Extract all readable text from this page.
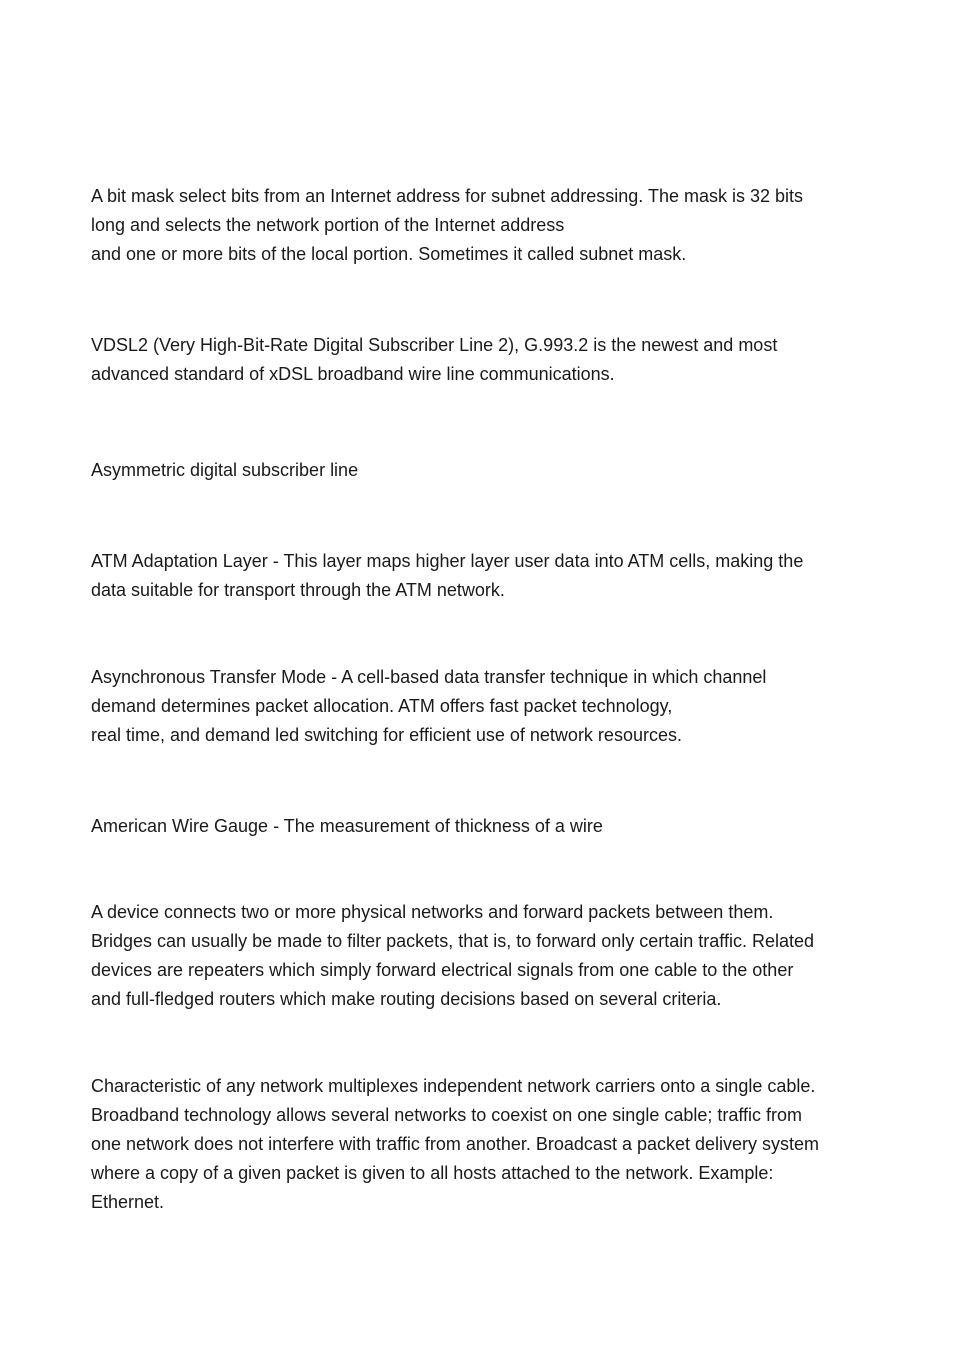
A bit mask select bits from an Internet address for subnet addressing. The mask is 32 bits
long and selects the network portion of the Internet address
and one or more bits of the local portion. Sometimes it called subnet mask.

VDSL2 (Very High-Bit-Rate Digital Subscriber Line 2), G.993.2 is the newest and most
advanced standard of xDSL broadband wire line communications.

Asymmetric digital subscriber line

ATM Adaptation Layer - This layer maps higher layer user data into ATM cells, making the
data suitable for transport through the ATM network.

Asynchronous Transfer Mode - A cell-based data transfer technique in which channel
demand determines packet allocation. ATM offers fast packet technology,
real time, and demand led switching for efficient use of network resources.

American Wire Gauge - The measurement of thickness of a wire

A device connects two or more physical networks and forward packets between them.
Bridges can usually be made to filter packets, that is, to forward only certain traffic. Related
devices are repeaters which simply forward electrical signals from one cable to the other
and full-fledged routers which make routing decisions based on several criteria.

Characteristic of any network multiplexes independent network carriers onto a single cable.
Broadband technology allows several networks to coexist on one single cable; traffic from
one network does not interfere with traffic from another. Broadcast a packet delivery system
where a copy of a given packet is given to all hosts attached to the network. Example:
Ethernet.
